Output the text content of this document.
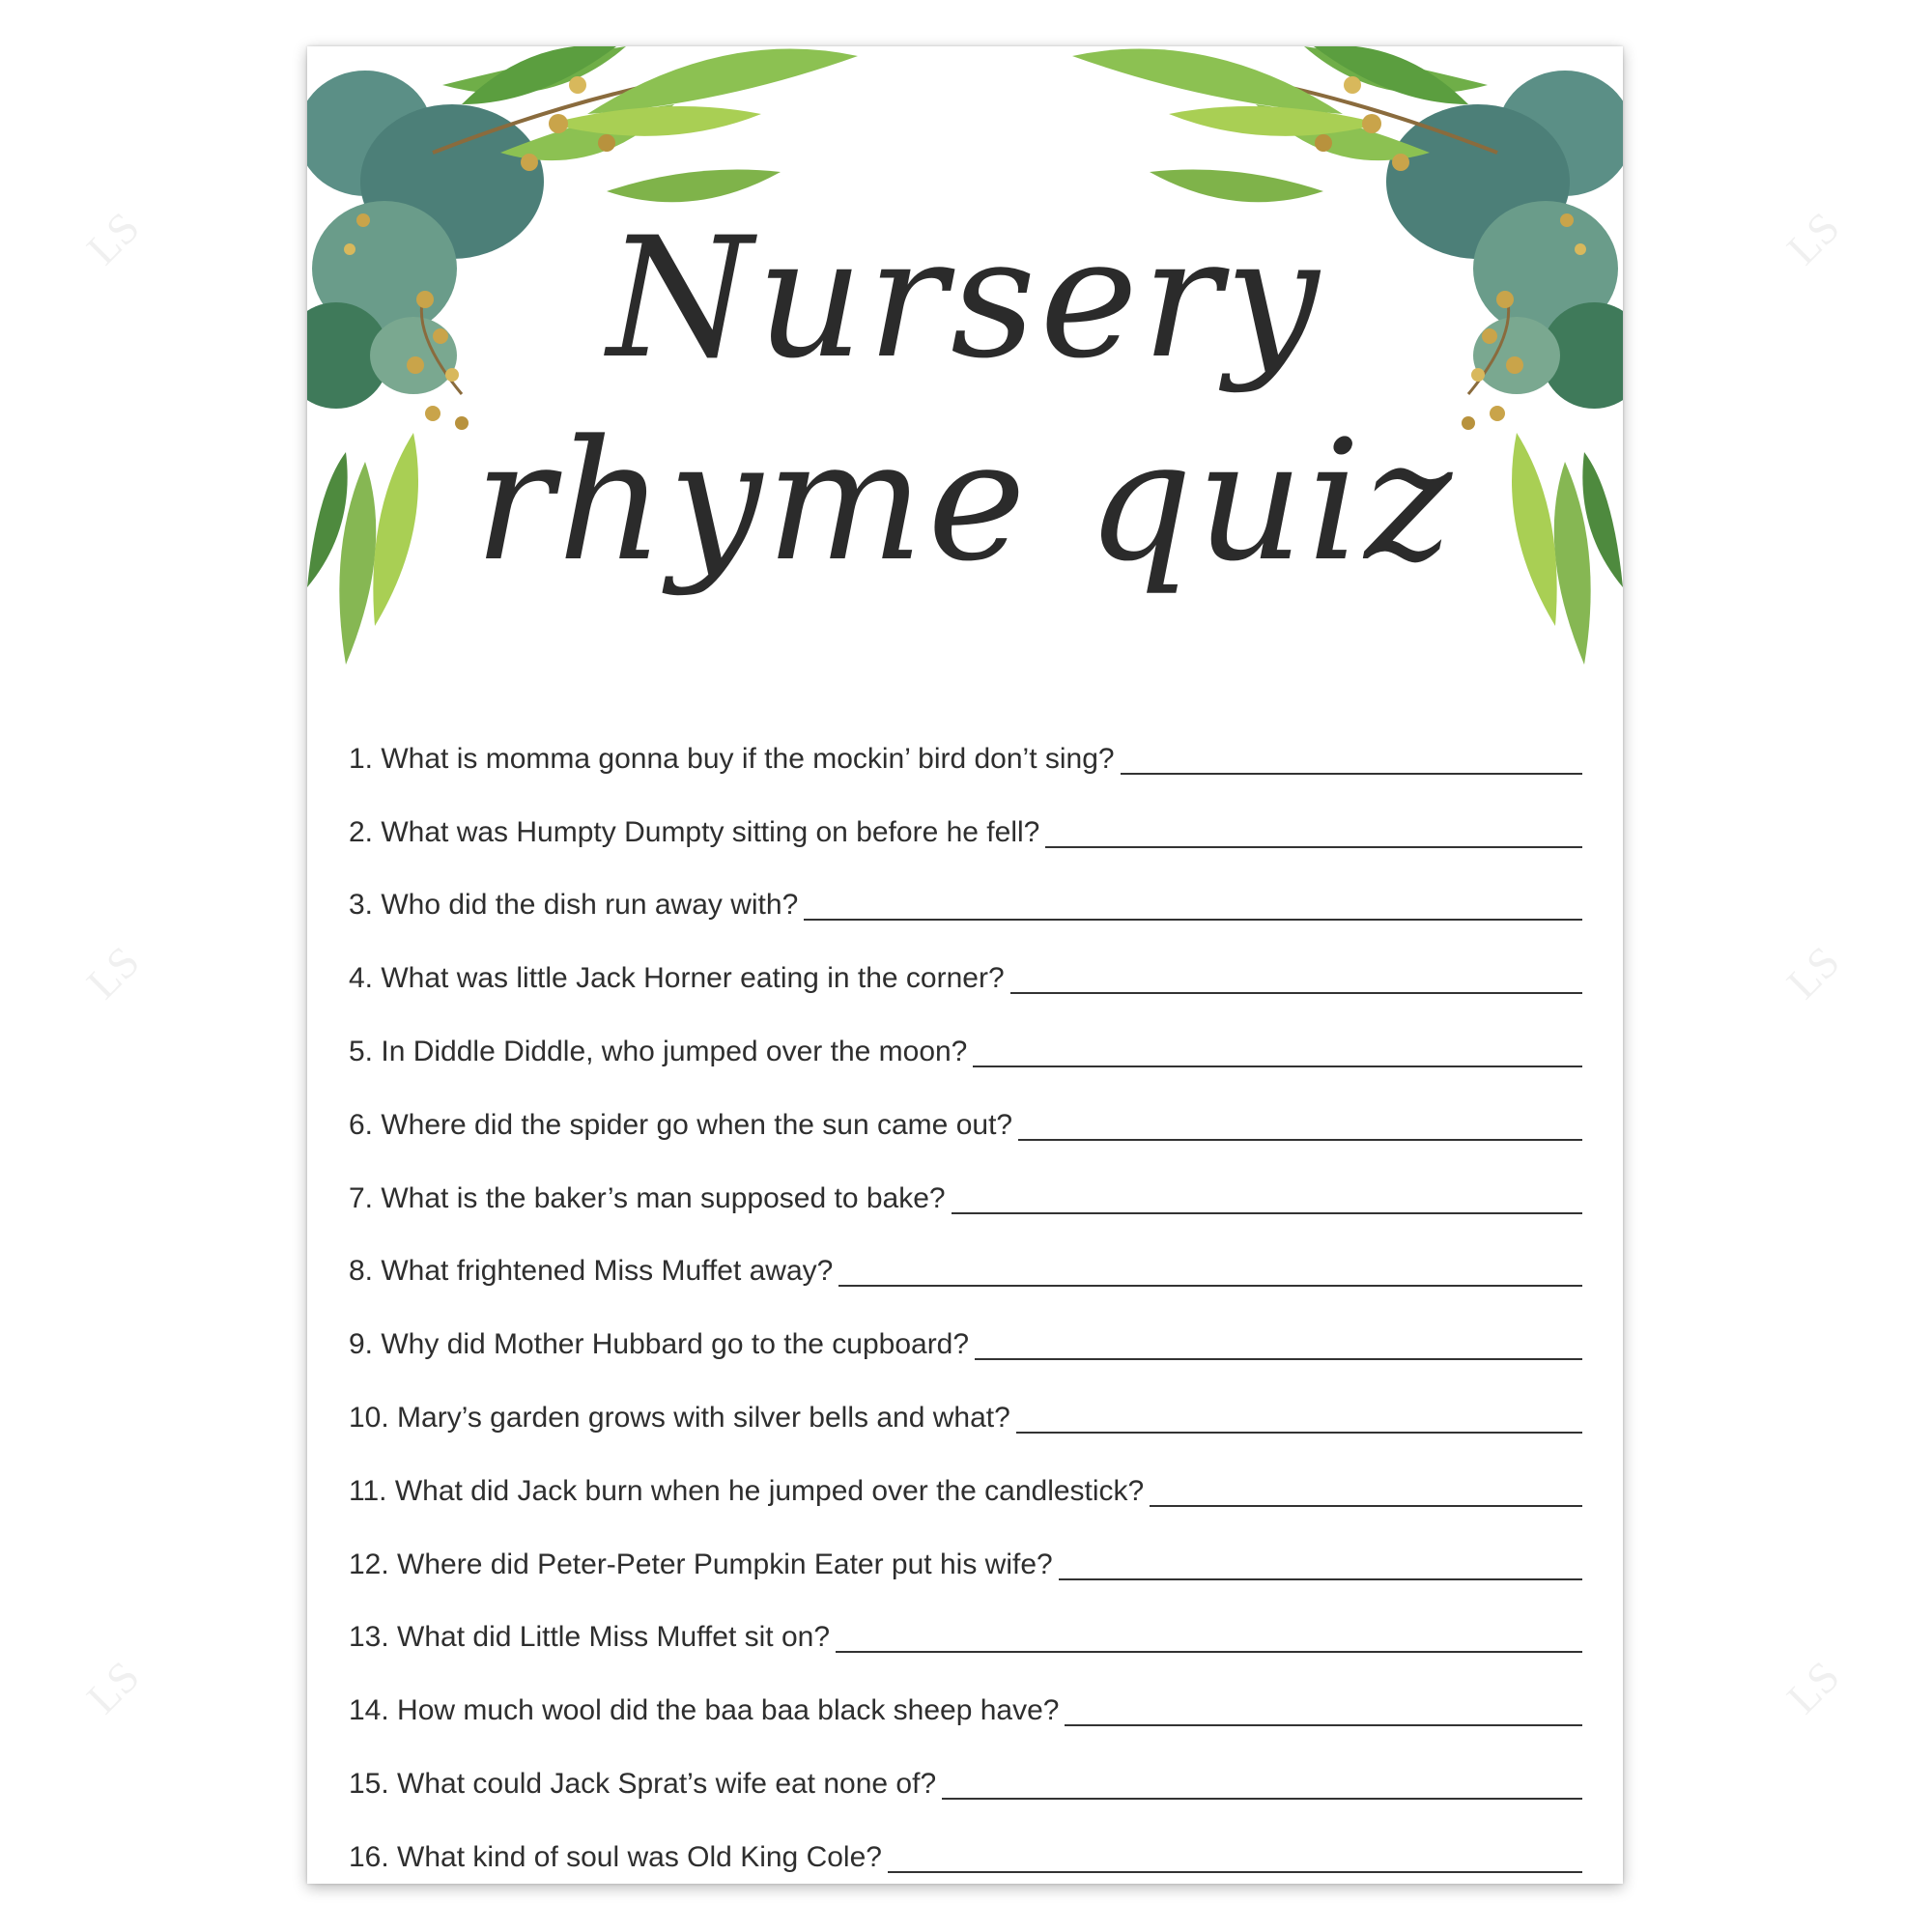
LS
LS
LS
LS
LS
LS
Nursery
rhyme quiz
1. What is momma gonna buy if the mockin’ bird don’t sing?
2. What was Humpty Dumpty sitting on before he fell?
3. Who did the dish run away with?
4. What was little Jack Horner eating in the corner?
5. In Diddle Diddle, who jumped over the moon?
6. Where did the spider go when the sun came out?
7. What is the baker’s man supposed to bake?
8. What frightened Miss Muffet away?
9. Why did Mother Hubbard go to the cupboard?
10. Mary’s garden grows with silver bells and what?
11. What did Jack burn when he jumped over the candlestick?
12. Where did Peter-Peter Pumpkin Eater put his wife?
13. What did Little Miss Muffet sit on?
14. How much wool did the baa baa black sheep have?
15. What could Jack Sprat’s wife eat none of?
16. What kind of soul was Old King Cole?
